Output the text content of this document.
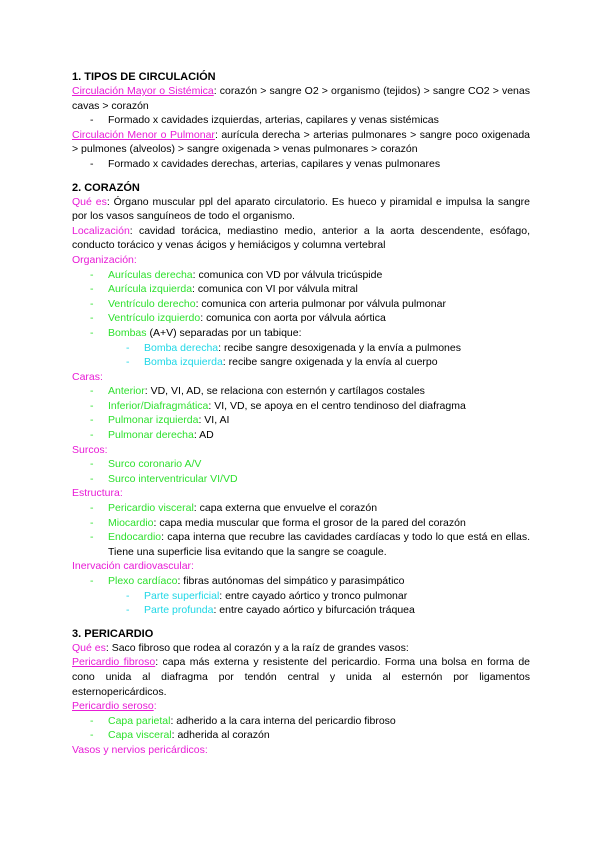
1. TIPOS DE CIRCULACIÓN

Circulación Mayor o Sistémica: corazón > sangre O2 > organismo (tejidos) > sangre CO2 > venas cavas > corazón

- Formado x cavidades izquierdas, arterias, capilares y venas sistémicas

Circulación Menor o Pulmonar: aurícula derecha > arterias pulmonares > sangre poco oxigenada > pulmones (alveolos) > sangre oxigenada > venas pulmonares > corazón

- Formado x cavidades derechas, arterias, capilares y venas pulmonares
2. CORAZÓN

Qué es: Órgano muscular ppl del aparato circulatorio. Es hueco y piramidal e impulsa la sangre por los vasos sanguíneos de todo el organismo.

Localización: cavidad torácica, mediastino medio, anterior a la aorta descendente, esófago, conducto torácico y venas ácigos y hemiácigos y columna vertebral

Organización:

- Aurículas derecha: comunica con VD por válvula tricúspide
- Aurícula izquierda: comunica con VI por válvula mitral
- Ventrículo derecho: comunica con arteria pulmonar por válvula pulmonar
- Ventrículo izquierdo: comunica con aorta por válvula aórtica
- Bombas (A+V) separadas por un tabique:
- Bomba derecha: recibe sangre desoxigenada y la envía a pulmones
- Bomba izquierda: recibe sangre oxigenada y la envía al cuerpo

Caras:

- Anterior: VD, VI, AD, se relaciona con esternón y cartílagos costales
- Inferior/Diafragmática: VI, VD, se apoya en el centro tendinoso del diafragma
- Pulmonar izquierda: VI, AI
- Pulmonar derecha: AD

Surcos:

- Surco coronario A/V
- Surco interventricular VI/VD

Estructura:

- Pericardio visceral: capa externa que envuelve el corazón
- Miocardio: capa media muscular que forma el grosor de la pared del corazón
- Endocardio: capa interna que recubre las cavidades cardíacas y todo lo que está en ellas. Tiene una superficie lisa evitando que la sangre se coagule.

Inervación cardiovascular:

- Plexo cardíaco: fibras autónomas del simpático y parasimpático
- Parte superficial: entre cayado aórtico y tronco pulmonar
- Parte profunda: entre cayado aórtico y bifurcación tráquea
3. PERICARDIO

Qué es: Saco fibroso que rodea al corazón y a la raíz de grandes vasos:

Pericardio fibroso: capa más externa y resistente del pericardio. Forma una bolsa en forma de cono unida al diafragma por tendón central y unida al esternón por ligamentos esternopericárdicos.

Pericardio seroso:

- Capa parietal: adherido a la cara interna del pericardio fibroso
- Capa visceral: adherida al corazón

Vasos y nervios pericárdicos:
